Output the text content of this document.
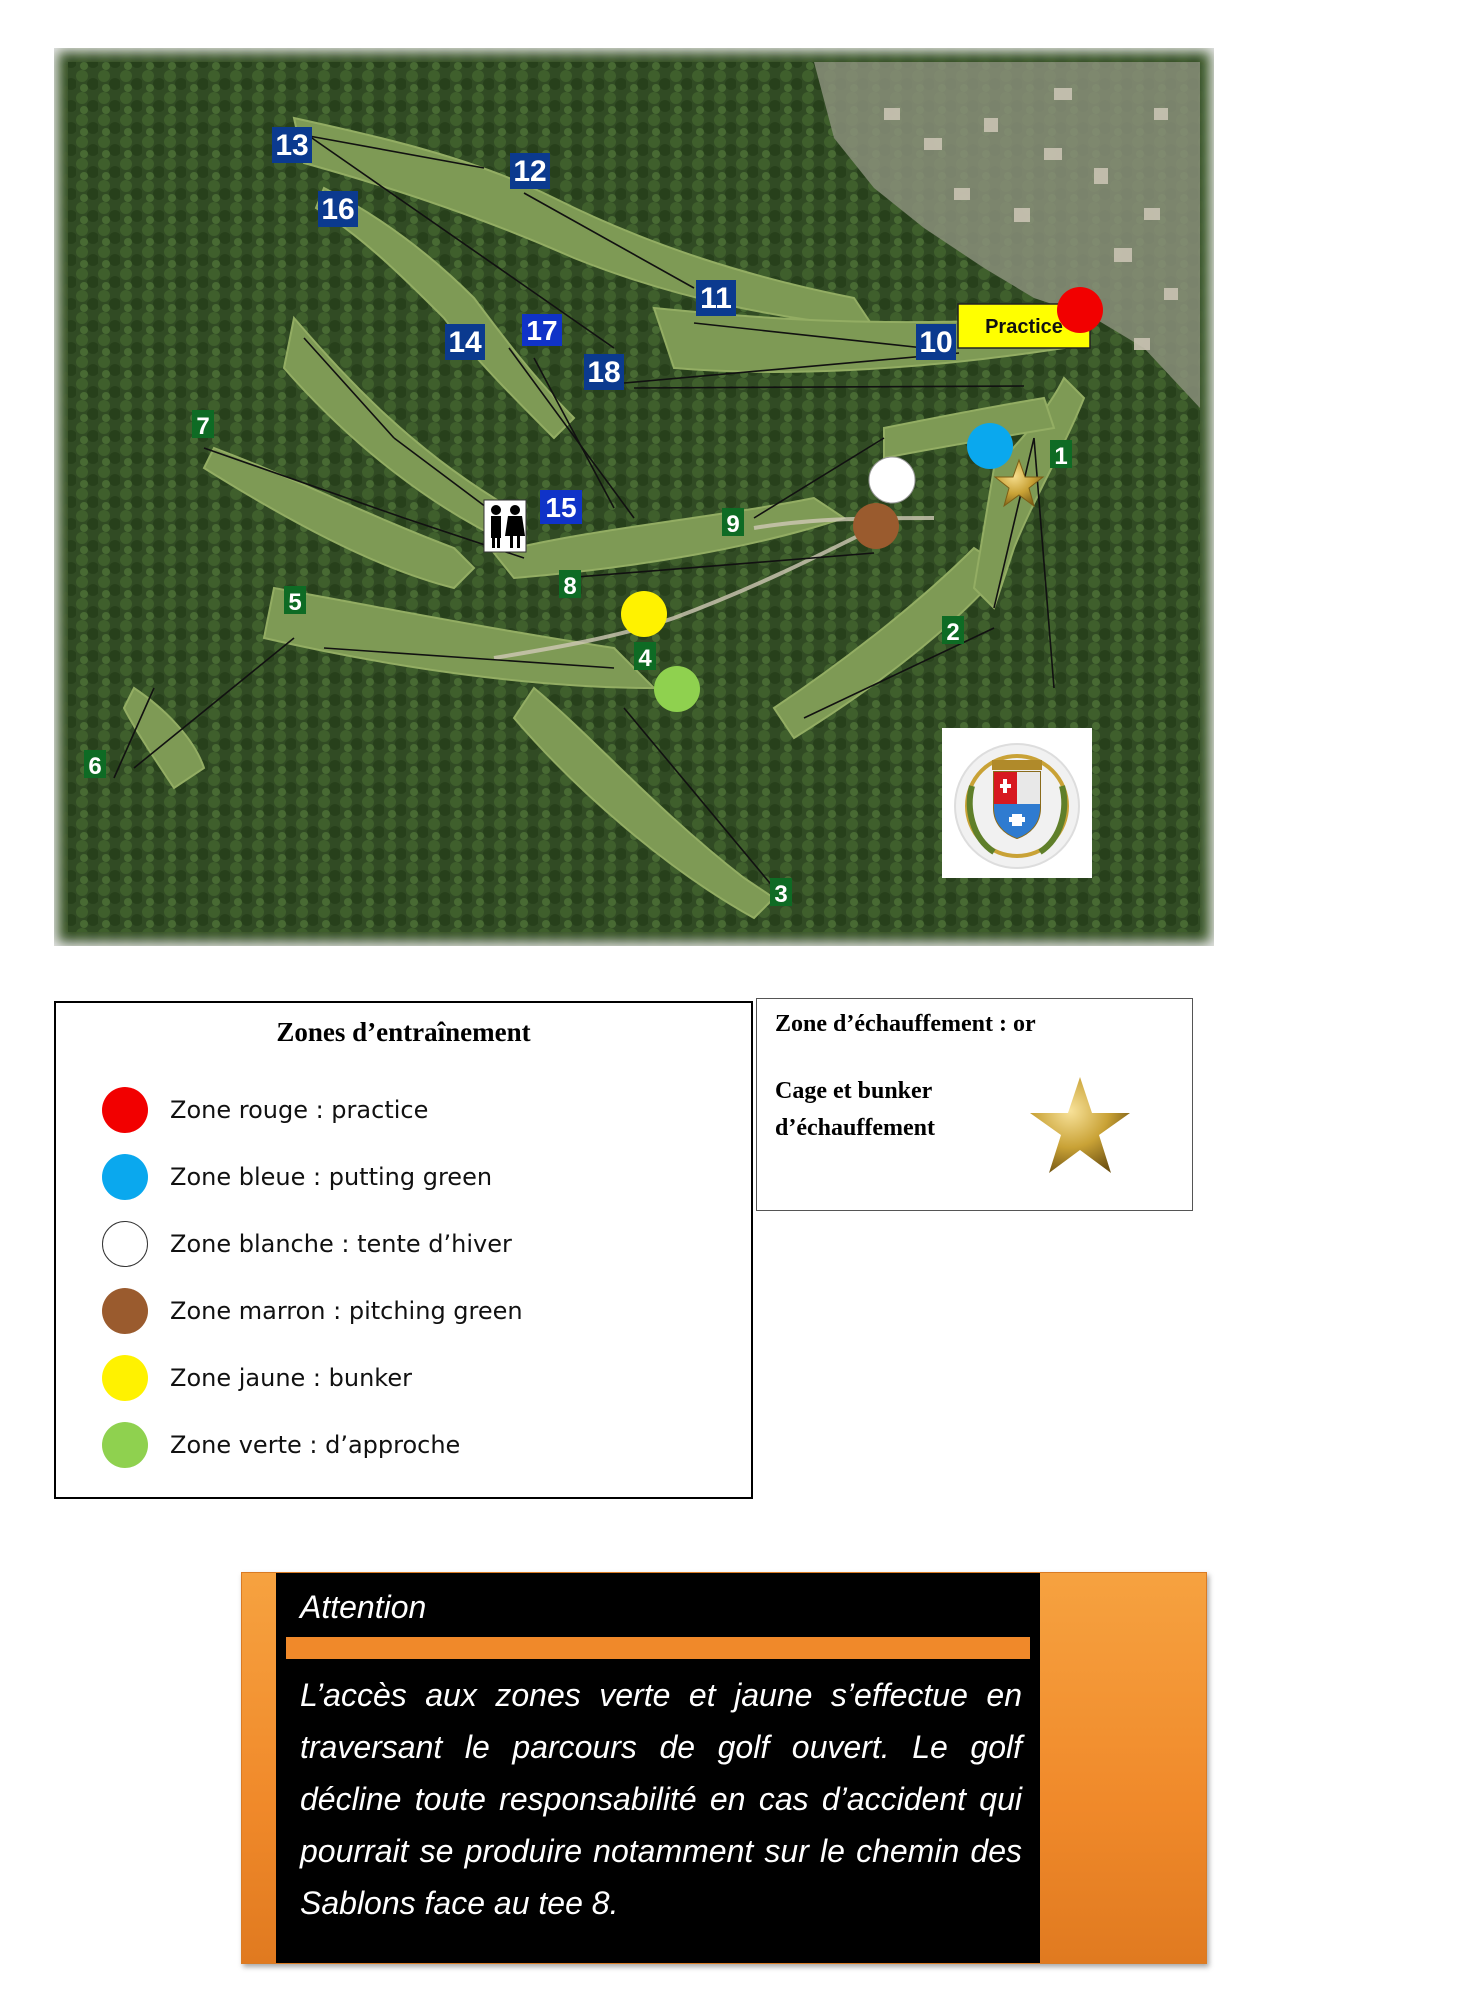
13
12
16
11
10
14 17
18
15
7
1
9
8
5
2
4
6
3
Practice
Zones d’entraînement
Zone rouge : practice
Zone bleue : putting green
Zone blanche : tente d’hiver
Zone marron : pitching green
Zone jaune : bunker
Zone verte : d’approche
Zone d’échauffement : or
Cage et bunker d’échauffement
Attention
L’accès aux zones verte et jaune s’effectue en traversant le parcours de golf ouvert. Le golf décline toute responsabilité en cas d’accident qui pourrait se produire notamment sur le chemin des Sablons face au tee 8.
